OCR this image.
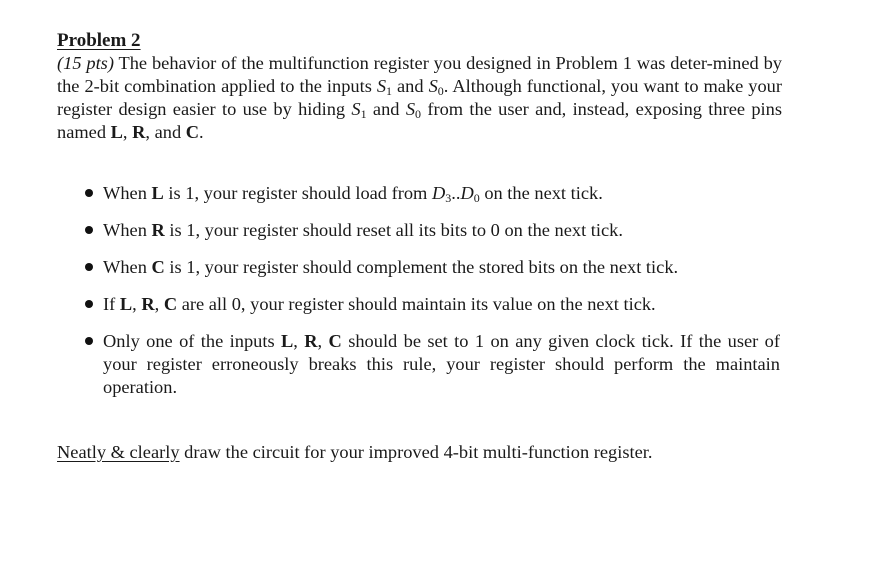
Problem 2

(15 pts) The behavior of the multifunction register you designed in Problem 1 was deter-mined by the 2-bit combination applied to the inputs $S_1$ and $S_0$. Although functional, you want to make your register design easier to use by hiding $S_1$ and $S_0$ from the user and, instead, exposing three pins named L, R, and C.

When L is 1, your register should load from $D_3..D_0$ on the next tick.
When R is 1, your register should reset all its bits to 0 on the next tick.
When C is 1, your register should complement the stored bits on the next tick.
If L, R, C are all 0, your register should maintain its value on the next tick.
Only one of the inputs L, R, C should be set to 1 on any given clock tick. If the user of your register erroneously breaks this rule, your register should perform the maintain operation.

Neatly & clearly draw the circuit for your improved 4-bit multi-function register.
